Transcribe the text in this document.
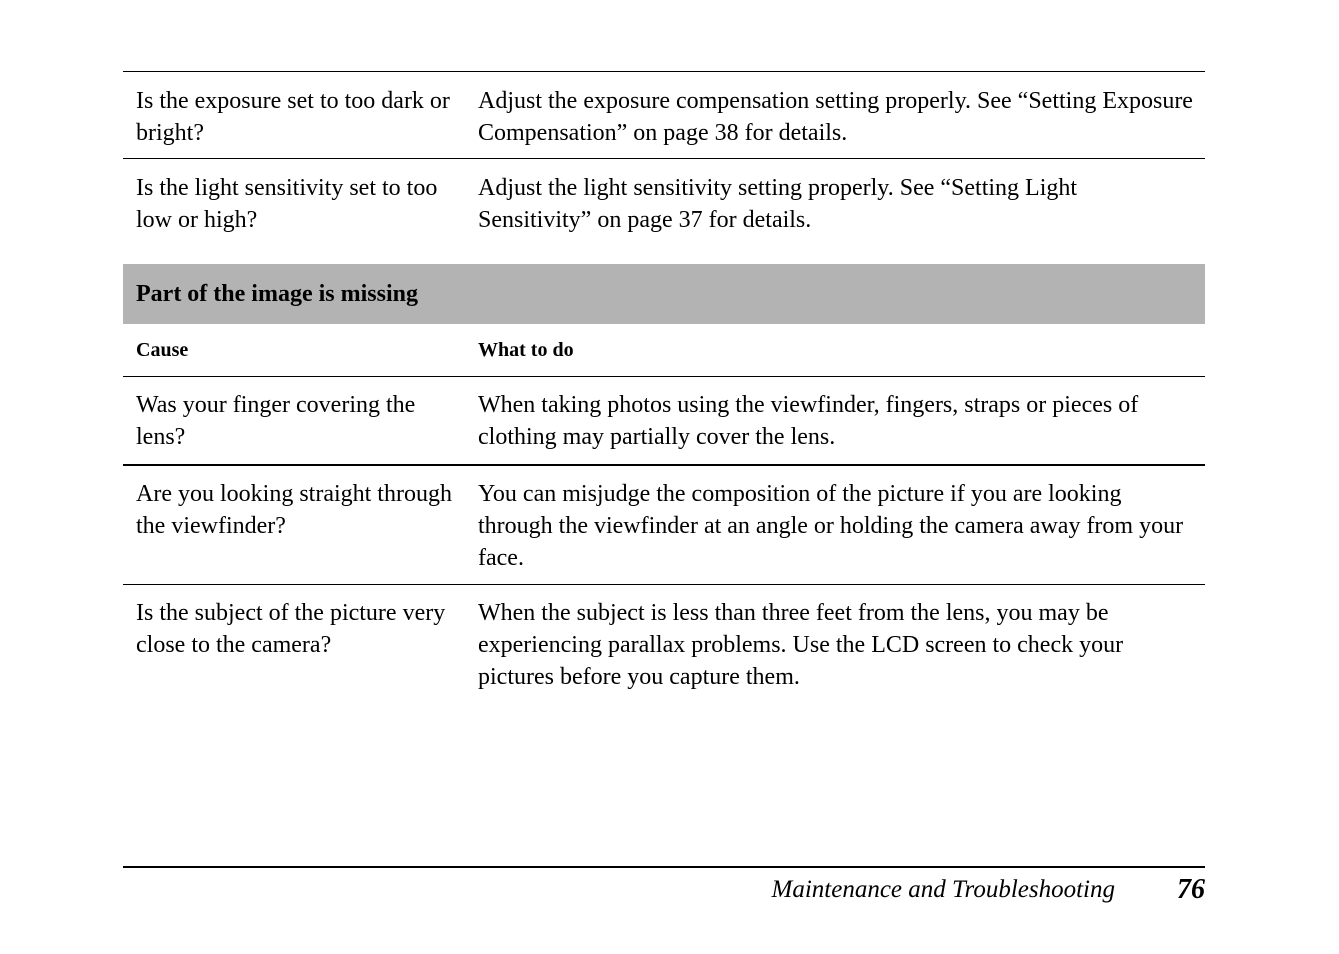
Is the exposure set to too dark or bright?
Adjust the exposure compensation setting properly. See “Setting Exposure Compensation” on page 38 for details.
Is the light sensitivity set to too low or high?
Adjust the light sensitivity setting properly. See “Setting Light Sensitivity” on page 37 for details.
Part of the image is missing
Cause	What to do
Was your finger covering the lens?
When taking photos using the viewfinder, fingers, straps or pieces of clothing may partially cover the lens.
Are you looking straight through the viewfinder?
You can misjudge the composition of the picture if you are looking through the viewfinder at an angle or holding the camera away from your face.
Is the subject of the picture very close to the camera?
When the subject is less than three feet from the lens, you may be experiencing parallax problems. Use the LCD screen to check your pictures before you capture them.
Maintenance and Troubleshooting 76
